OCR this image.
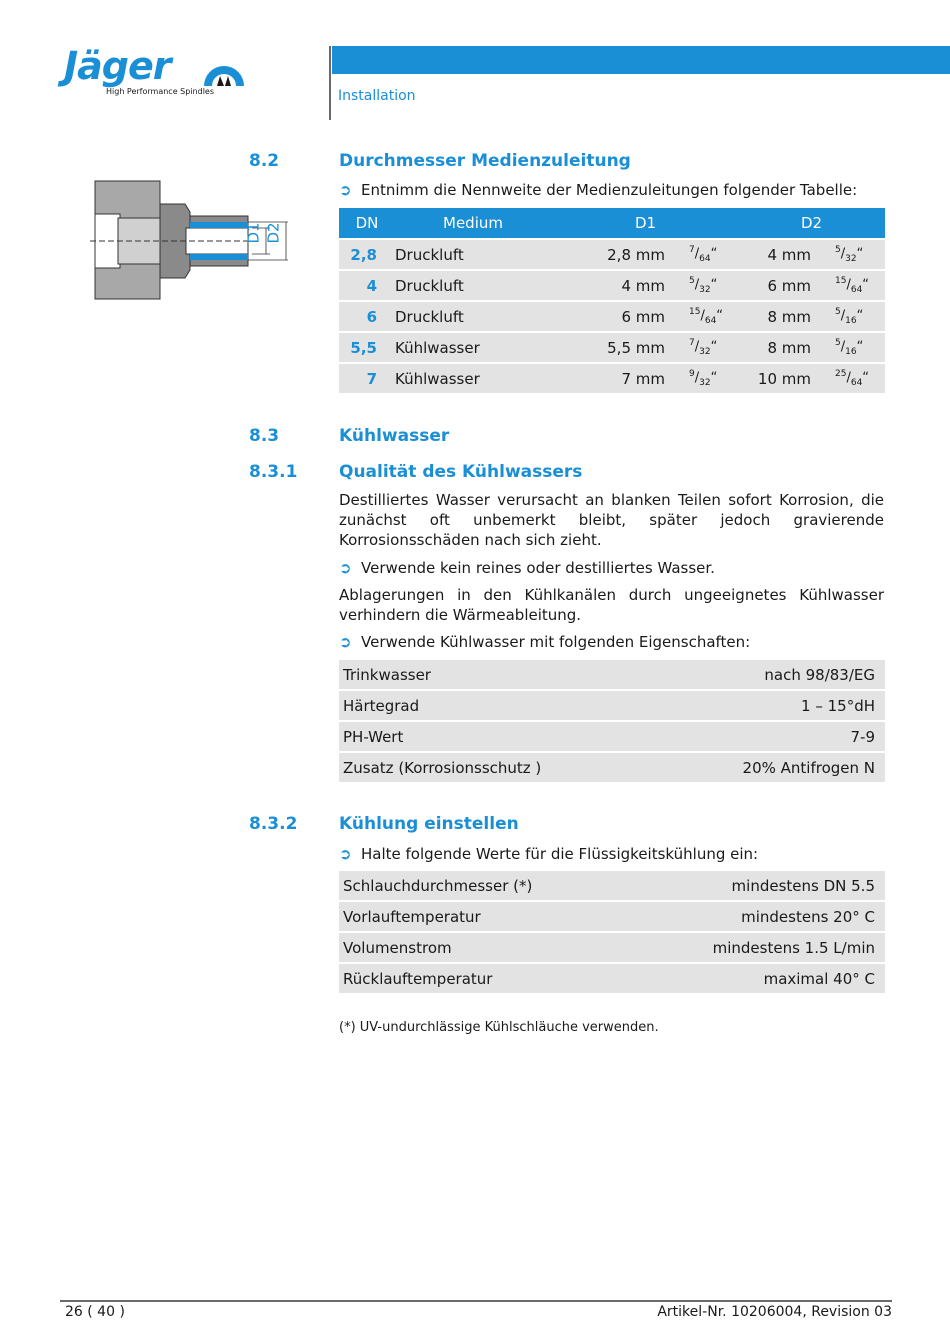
Jäger
High Performance Spindles	Installation
8.2	Durchmesser Medienzuleitung
➲ Entnimm die Nennweite der Medienzuleitungen folgender Tabelle:
D1 D2	DN	Medium	D1		D2	
2,8	Druckluft	2,8 mm	$^7/_{64}“$	4 mm	$^5/_{32}“$
4	Druckluft	4 mm	$^5/_{32}“$	6 mm	$^{15}/_{64}“$
6	Druckluft	6 mm	$^{15}/_{64}“$	8 mm	$^5/_{16}“$
5,5	Kühlwasser	5,5 mm	$^7/_{32}“$	8 mm	$^5/_{16}“$
7	Kühlwasser	7 mm	$^9/_{32}“$	10 mm	$^{25}/_{64}“$
8.3	Kühlwasser
8.3.1 Qualität des Kühlwassers
Destilliertes Wasser verursacht an blanken Teilen sofort Korrosion, die zunächst oft unbemerkt bleibt, später jedoch gravierende Korrosionsschäden nach sich zieht.
➲ Verwende kein reines oder destilliertes Wasser.
Ablagerungen in den Kühlkanälen durch ungeeignetes Kühlwasser verhindern die Wärmeableitung.
➲ Verwende Kühlwasser mit folgenden Eigenschaften:
Trinkwasser	nach 98/83/EG
Härtegrad	1 – 15°dH
PH-Wert	7-9
Zusatz (Korrosionsschutz )	20% Antifrogen N
8.3.2 Kühlung einstellen
➲ Halte folgende Werte für die Flüssigkeitskühlung ein:
Schlauchdurchmesser (*)	mindestens DN 5.5
Vorlauftemperatur	mindestens 20° C
Volumenstrom	mindestens 1.5 L/min
Rücklauftemperatur	maximal 40° C
(*) UV-undurchlässige Kühlschläuche verwenden.
26 ( 40 )	Artikel-Nr. 10206004, Revision 03
